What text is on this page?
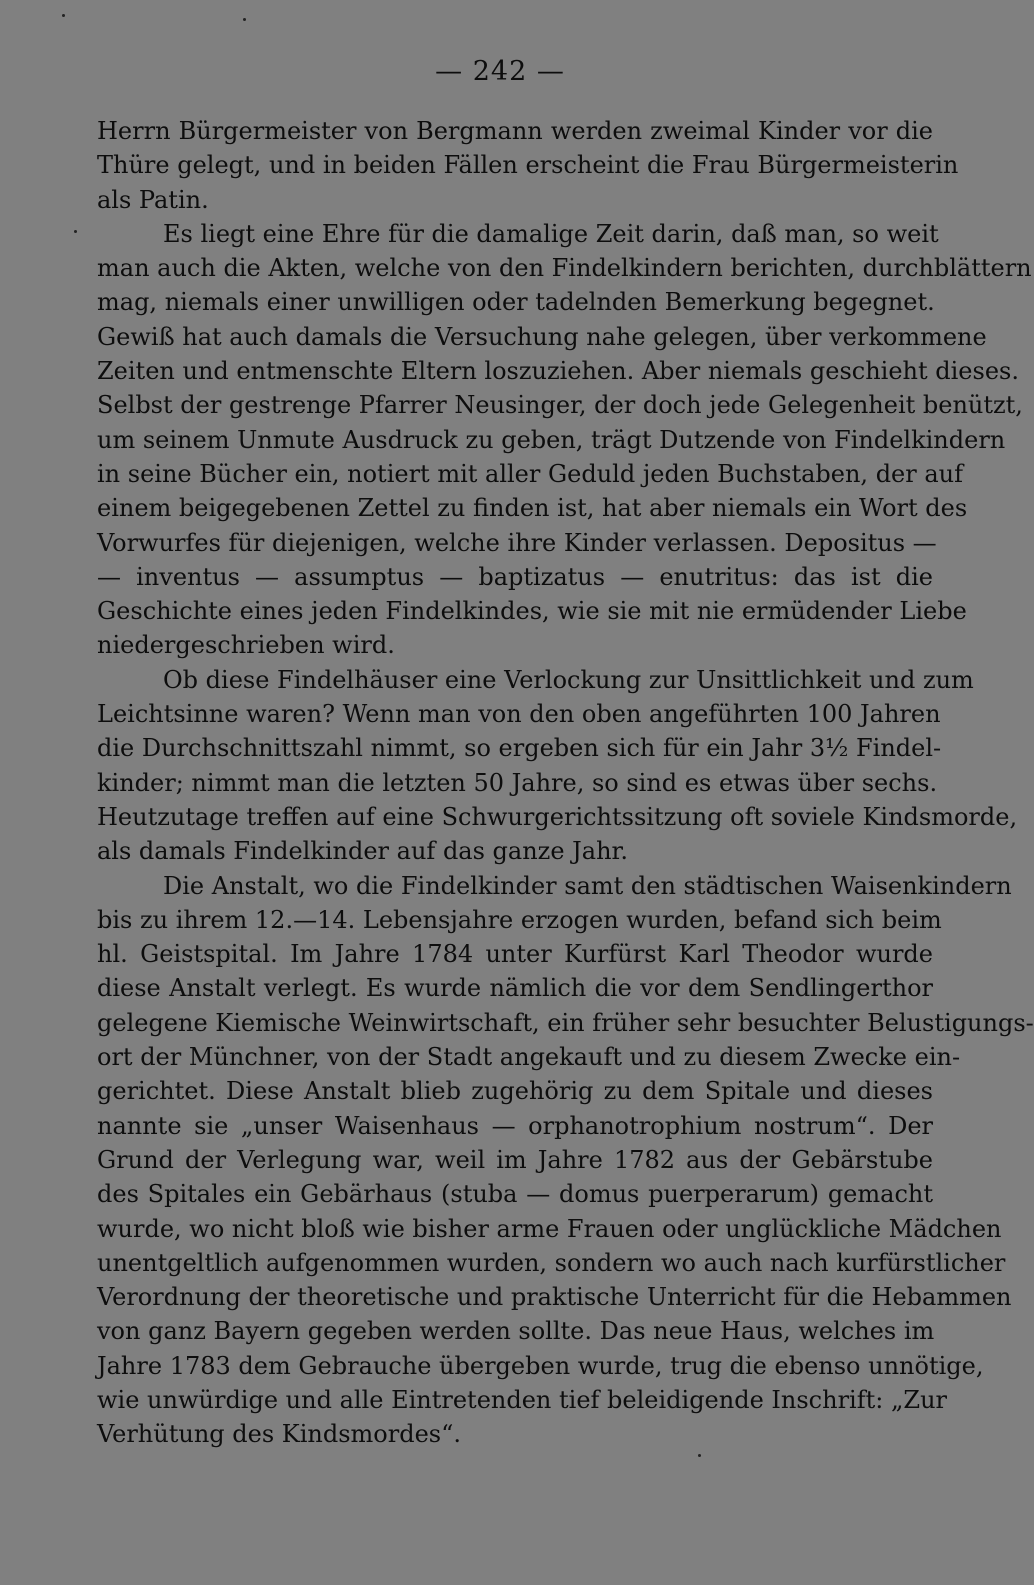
— 242 —
Herrn Bürgermeister von Bergmann werden zweimal Kinder vor die
Thüre gelegt, und in beiden Fällen erscheint die Frau Bürgermeisterin
als Patin.
Es liegt eine Ehre für die damalige Zeit darin, daß man, so weit
man auch die Akten, welche von den Findelkindern berichten, durchblättern
mag, niemals einer unwilligen oder tadelnden Bemerkung begegnet.
Gewiß hat auch damals die Versuchung nahe gelegen, über verkommene
Zeiten und entmenschte Eltern loszuziehen. Aber niemals geschieht dieses.
Selbst der gestrenge Pfarrer Neusinger, der doch jede Gelegenheit benützt,
um seinem Unmute Ausdruck zu geben, trägt Dutzende von Findelkindern
in seine Bücher ein, notiert mit aller Geduld jeden Buchstaben, der auf
einem beigegebenen Zettel zu finden ist, hat aber niemals ein Wort des
Vorwurfes für diejenigen, welche ihre Kinder verlassen. Depositus —
— inventus — assumptus — baptizatus — enutritus: das ist die
Geschichte eines jeden Findelkindes, wie sie mit nie ermüdender Liebe
niedergeschrieben wird.
Ob diese Findelhäuser eine Verlockung zur Unsittlichkeit und zum
Leichtsinne waren? Wenn man von den oben angeführten 100 Jahren
die Durchschnittszahl nimmt, so ergeben sich für ein Jahr 3½ Findel-
kinder; nimmt man die letzten 50 Jahre, so sind es etwas über sechs.
Heutzutage treffen auf eine Schwurgerichtssitzung oft soviele Kindsmorde,
als damals Findelkinder auf das ganze Jahr.
Die Anstalt, wo die Findelkinder samt den städtischen Waisenkindern
bis zu ihrem 12.—14. Lebensjahre erzogen wurden, befand sich beim
hl. Geistspital. Im Jahre 1784 unter Kurfürst Karl Theodor wurde
diese Anstalt verlegt. Es wurde nämlich die vor dem Sendlingerthor
gelegene Kiemische Weinwirtschaft, ein früher sehr besuchter Belustigungs-
ort der Münchner, von der Stadt angekauft und zu diesem Zwecke ein-
gerichtet. Diese Anstalt blieb zugehörig zu dem Spitale und dieses
nannte sie „unser Waisenhaus — orphanotrophium nostrum“. Der
Grund der Verlegung war, weil im Jahre 1782 aus der Gebärstube
des Spitales ein Gebärhaus (stuba — domus puerperarum) gemacht
wurde, wo nicht bloß wie bisher arme Frauen oder unglückliche Mädchen
unentgeltlich aufgenommen wurden, sondern wo auch nach kurfürstlicher
Verordnung der theoretische und praktische Unterricht für die Hebammen
von ganz Bayern gegeben werden sollte. Das neue Haus, welches im
Jahre 1783 dem Gebrauche übergeben wurde, trug die ebenso unnötige,
wie unwürdige und alle Eintretenden tief beleidigende Inschrift: „Zur
Verhütung des Kindsmordes“.
